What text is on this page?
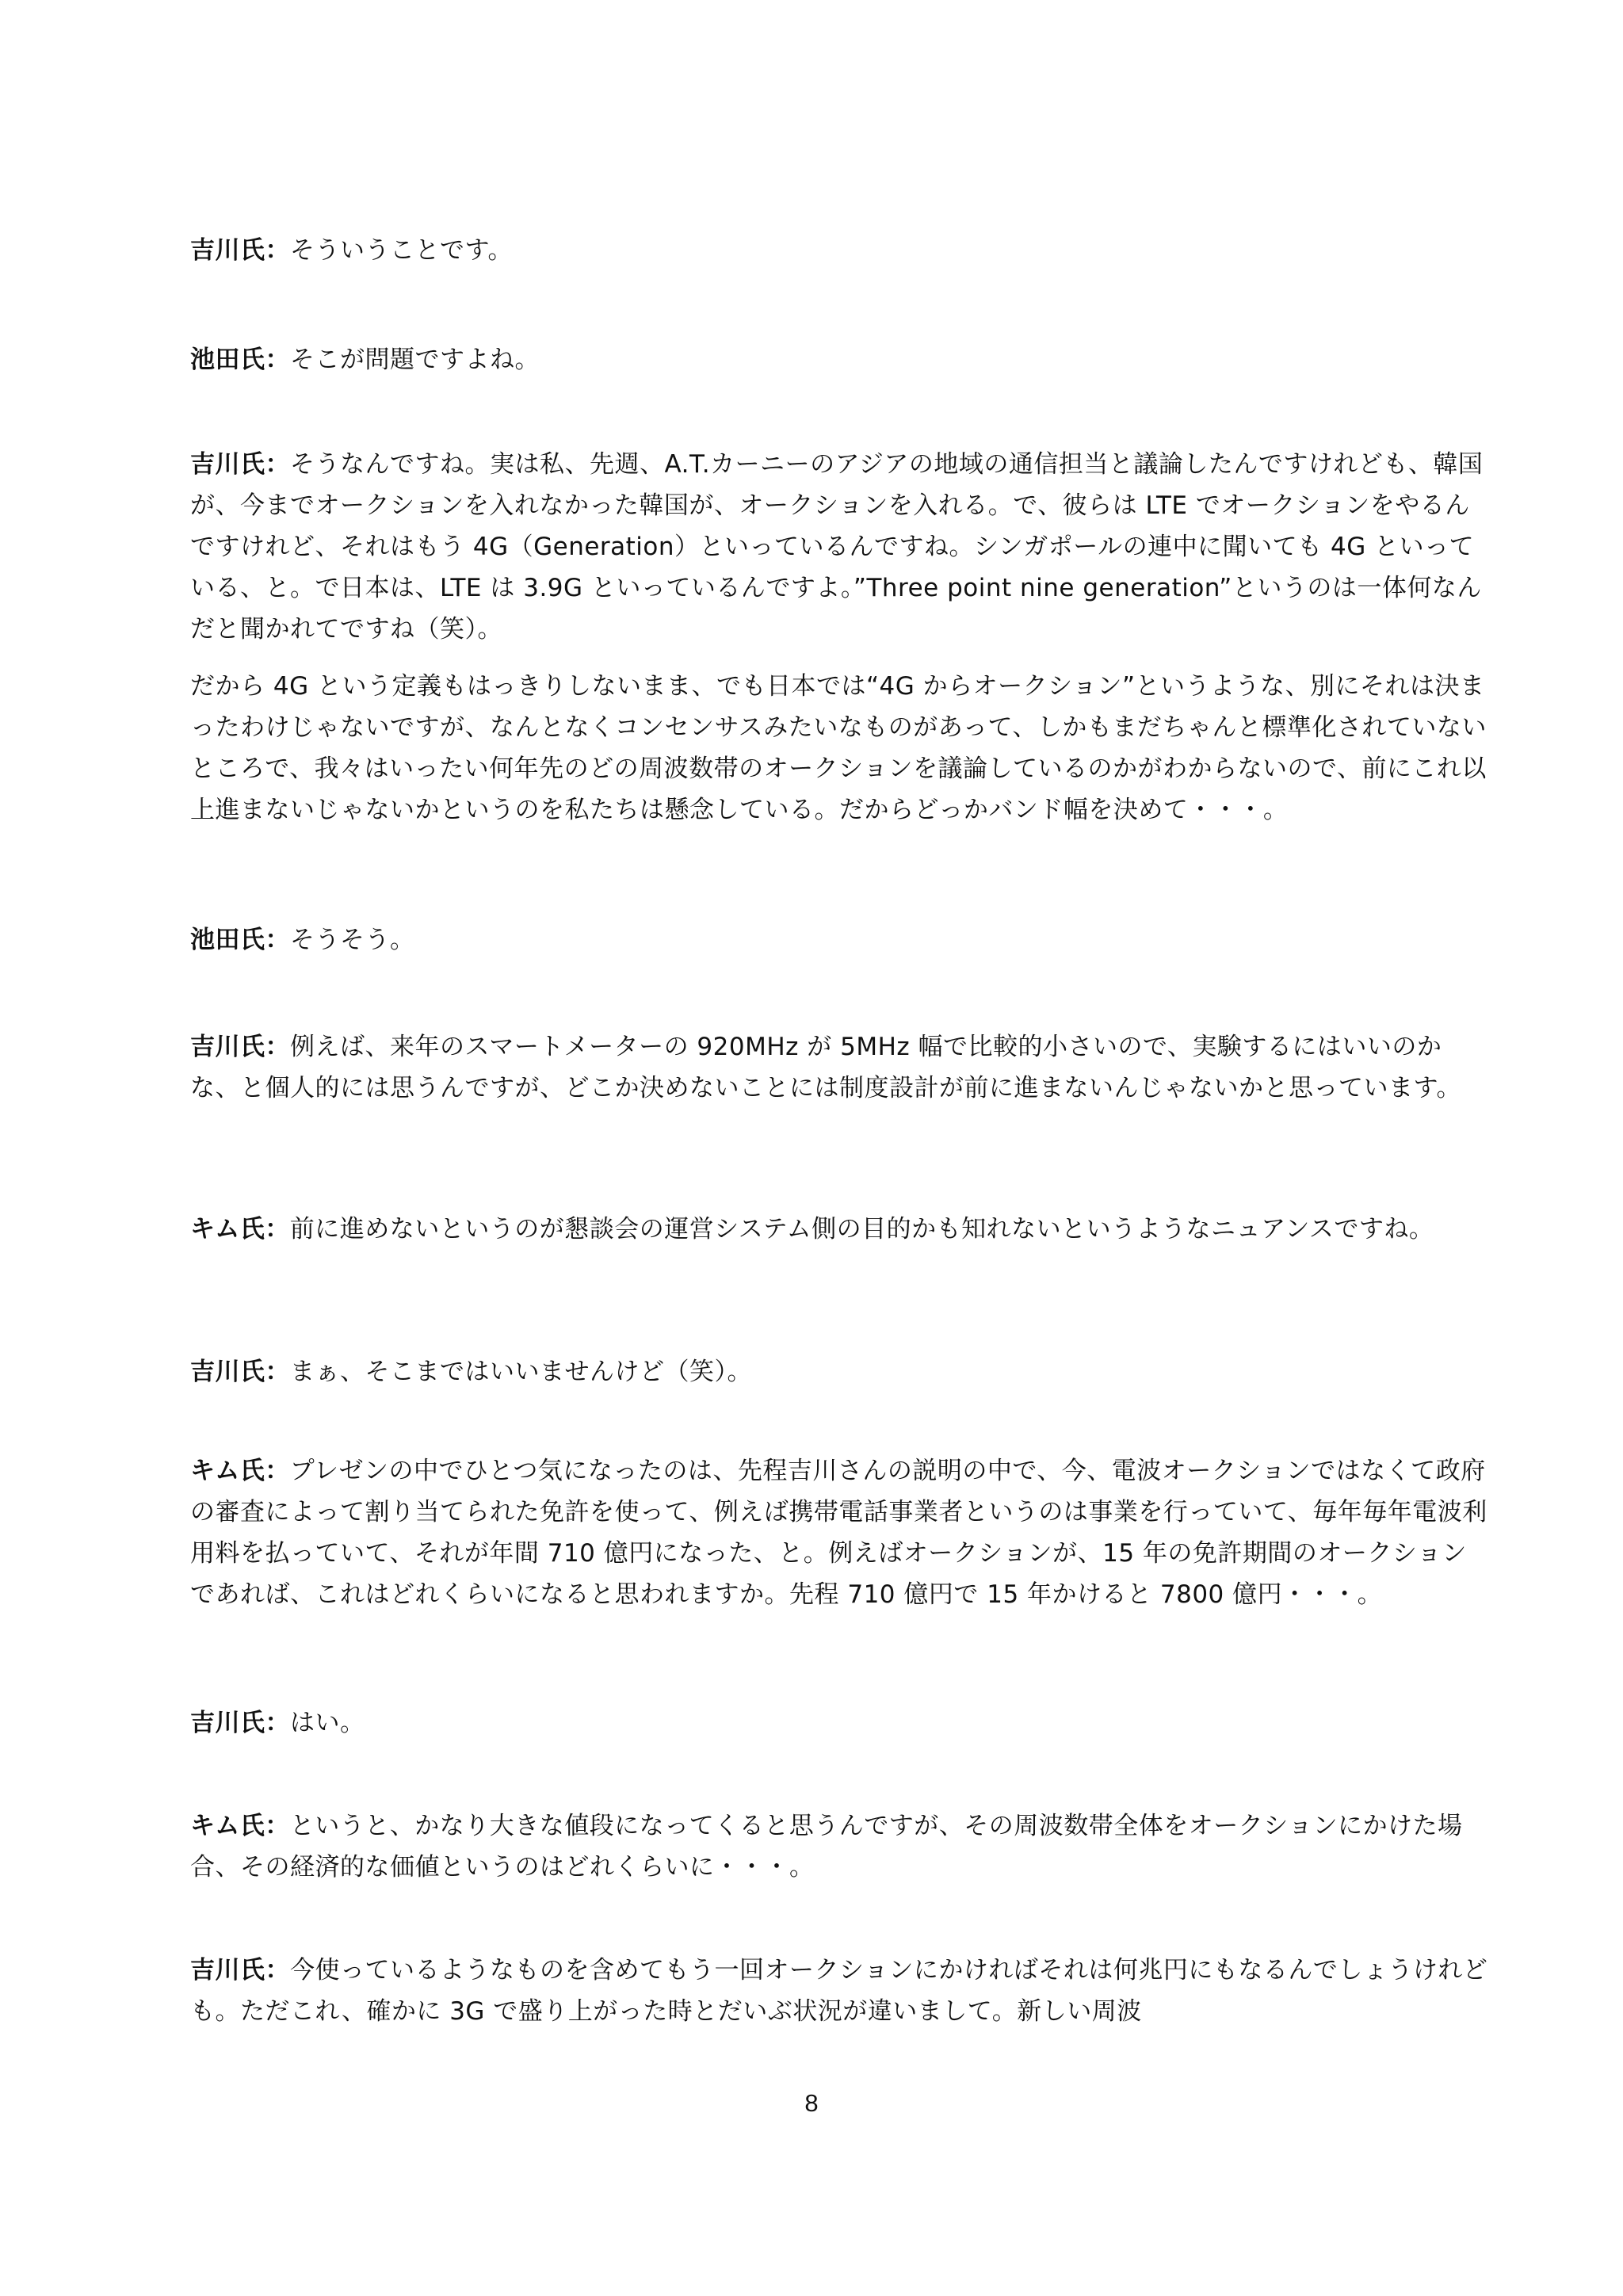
吉川氏：そういうことです。

池田氏：そこが問題ですよね。

吉川氏：そうなんですね。実は私、先週、A.T.カーニーのアジアの地域の通信担当と議論したんですけれども、韓国が、今までオークションを入れなかった韓国が、オークションを入れる。で、彼らは LTE でオークションをやるんですけれど、それはもう 4G（Generation）といっているんですね。シンガポールの連中に聞いても 4G といっている、と。で日本は、LTE は 3.9G といっているんですよ。”Three point nine generation”というのは一体何なんだと聞かれてですね（笑）。

だから 4G という定義もはっきりしないまま、でも日本では“4G からオークション”というような、別にそれは決まったわけじゃないですが、なんとなくコンセンサスみたいなものがあって、しかもまだちゃんと標準化されていないところで、我々はいったい何年先のどの周波数帯のオークションを議論しているのかがわからないので、前にこれ以上進まないじゃないかというのを私たちは懸念している。だからどっかバンド幅を決めて・・・。

池田氏：そうそう。

吉川氏：例えば、来年のスマートメーターの 920MHz が 5MHz 幅で比較的小さいので、実験するにはいいのかな、と個人的には思うんですが、どこか決めないことには制度設計が前に進まないんじゃないかと思っています。

キム氏：前に進めないというのが懇談会の運営システム側の目的かも知れないというようなニュアンスですね。

吉川氏：まぁ、そこまではいいませんけど（笑）。

キム氏：プレゼンの中でひとつ気になったのは、先程吉川さんの説明の中で、今、電波オークションではなくて政府の審査によって割り当てられた免許を使って、例えば携帯電話事業者というのは事業を行っていて、毎年毎年電波利用料を払っていて、それが年間 710 億円になった、と。例えばオークションが、15 年の免許期間のオークションであれば、これはどれくらいになると思われますか。先程 710 億円で 15 年かけると 7800 億円・・・。

吉川氏：はい。

キム氏：というと、かなり大きな値段になってくると思うんですが、その周波数帯全体をオークションにかけた場合、その経済的な価値というのはどれくらいに・・・。

吉川氏：今使っているようなものを含めてもう一回オークションにかければそれは何兆円にもなるんでしょうけれども。ただこれ、確かに 3G で盛り上がった時とだいぶ状況が違いまして。新しい周波

8
